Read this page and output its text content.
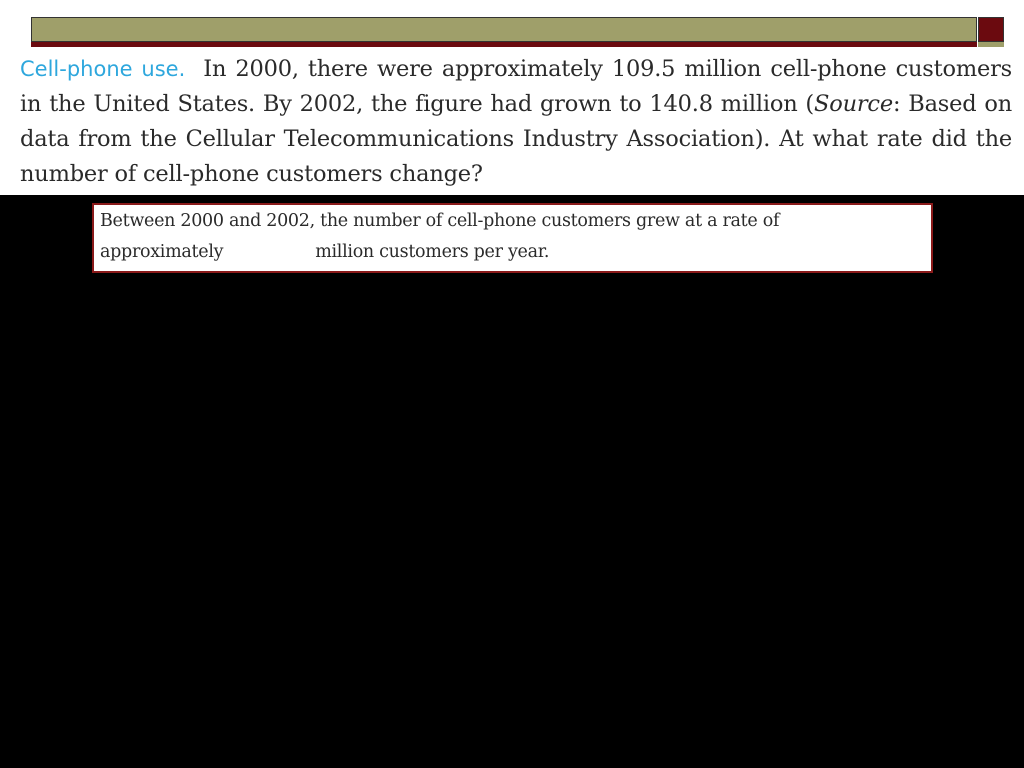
Cell-phone use. In 2000, there were approximately 109.5 million cell-phone customers in the United States. By 2002, the figure had grown to 140.8 million (Source: Based on data from the Cellular Telecommunications Industry Association). At what rate did the number of cell-phone customers change?
Between 2000 and 2002, the number of cell-phone customers grew at a rate of
approximately	million customers per year.
